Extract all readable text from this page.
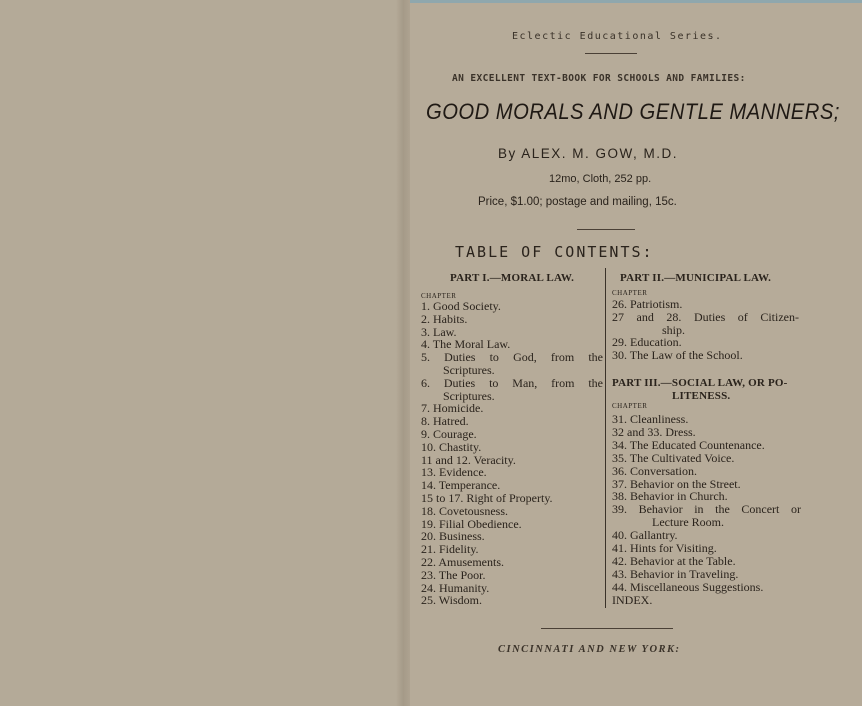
Eclectic Educational Series.
AN EXCELLENT TEXT-BOOK FOR SCHOOLS AND FAMILIES:
GOOD MORALS AND GENTLE MANNERS;
By ALEX. M. GOW, M.D.
12mo, Cloth, 252 pp.
Price, $1.00; postage and mailing, 15c.
TABLE OF CONTENTS:
PART I.—MORAL LAW.
CHAPTER
1. Good Society.
2. Habits.
3. Law.
4. The Moral Law.
5. Duties to God, from the
Scriptures.
6. Duties to Man, from the
Scriptures.
7. Homicide.
8. Hatred.
9. Courage.
10. Chastity.
11 and 12. Veracity.
13. Evidence.
14. Temperance.
15 to 17. Right of Property.
18. Covetousness.
19. Filial Obedience.
20. Business.
21. Fidelity.
22. Amusements.
23. The Poor.
24. Humanity.
25. Wisdom.
PART II.—MUNICIPAL LAW.
CHAPTER
26. Patriotism.
27 and 28. Duties of Citizen-
ship.
29. Education.
30. The Law of the School.
PART III.—SOCIAL LAW, OR PO-
LITENESS.
CHAPTER
31. Cleanliness.
32 and 33. Dress.
34. The Educated Countenance.
35. The Cultivated Voice.
36. Conversation.
37. Behavior on the Street.
38. Behavior in Church.
39. Behavior in the Concert or
Lecture Room.
40. Gallantry.
41. Hints for Visiting.
42. Behavior at the Table.
43. Behavior in Traveling.
44. Miscellaneous Suggestions.
INDEX.
CINCINNATI AND NEW YORK:
